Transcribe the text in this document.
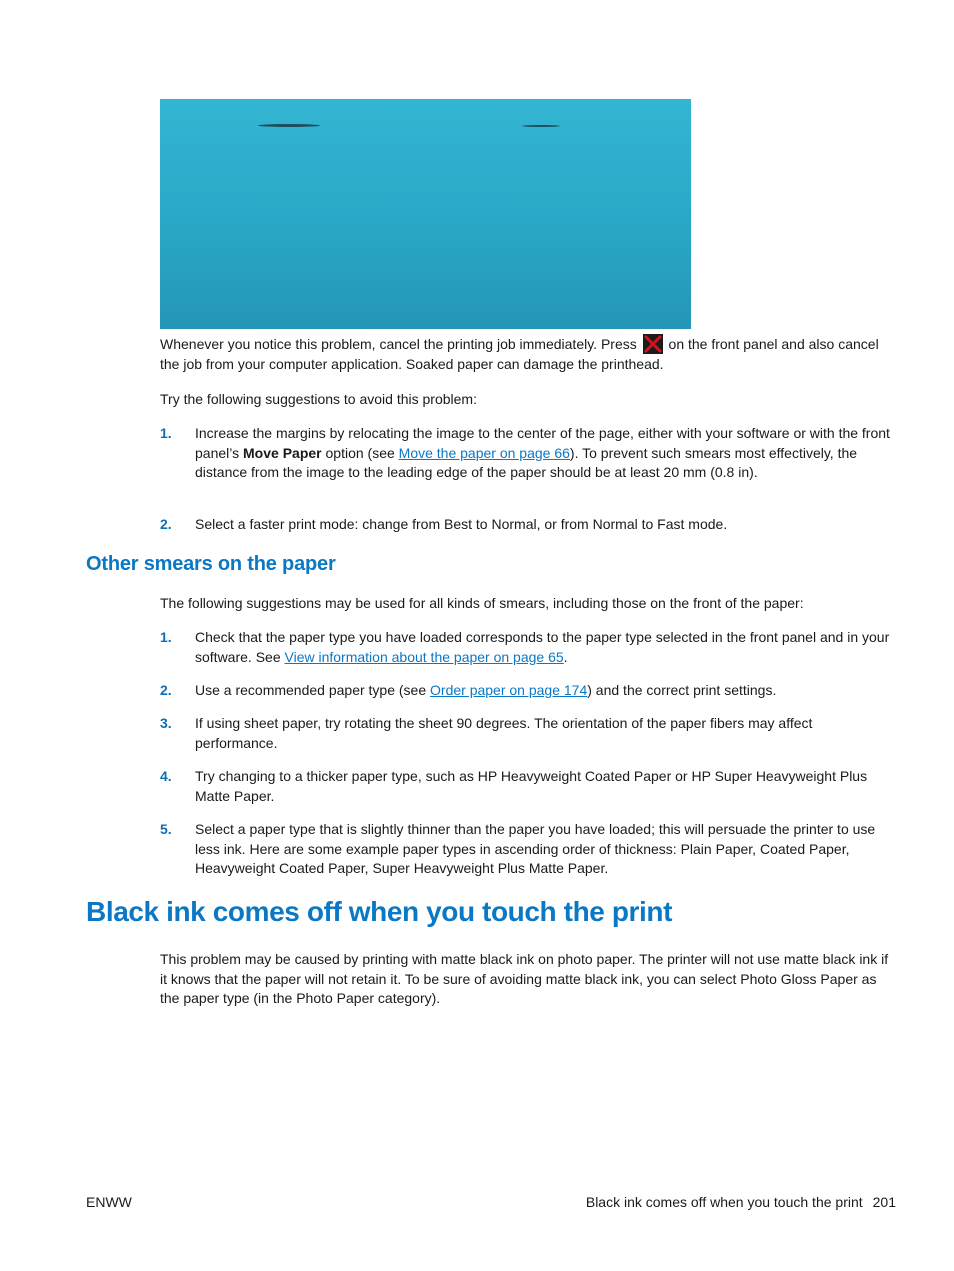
Whenever you notice this problem, cancel the printing job immediately. Press on the front panel and also cancel the job from your computer application. Soaked paper can damage the printhead.

Try the following suggestions to avoid this problem:

1. Increase the margins by relocating the image to the center of the page, either with your software or with the front panel’s Move Paper option (see Move the paper on page 66). To prevent such smears most effectively, the distance from the image to the leading edge of the paper should be at least 20 mm (0.8 in).
2. Select a faster print mode: change from Best to Normal, or from Normal to Fast mode.
Other smears on the paper

The following suggestions may be used for all kinds of smears, including those on the front of the paper:

1. Check that the paper type you have loaded corresponds to the paper type selected in the front panel and in your software. See View information about the paper on page 65.
2. Use a recommended paper type (see Order paper on page 174) and the correct print settings.
3. If using sheet paper, try rotating the sheet 90 degrees. The orientation of the paper fibers may affect performance.
4. Try changing to a thicker paper type, such as HP Heavyweight Coated Paper or HP Super Heavyweight Plus Matte Paper.
5. Select a paper type that is slightly thinner than the paper you have loaded; this will persuade the printer to use less ink. Here are some example paper types in ascending order of thickness: Plain Paper, Coated Paper, Heavyweight Coated Paper, Super Heavyweight Plus Matte Paper.
Black ink comes off when you touch the print

This problem may be caused by printing with matte black ink on photo paper. The printer will not use matte black ink if it knows that the paper will not retain it. To be sure of avoiding matte black ink, you can select Photo Gloss Paper as the paper type (in the Photo Paper category).

ENWW	Black ink comes off when you touch the print 201
